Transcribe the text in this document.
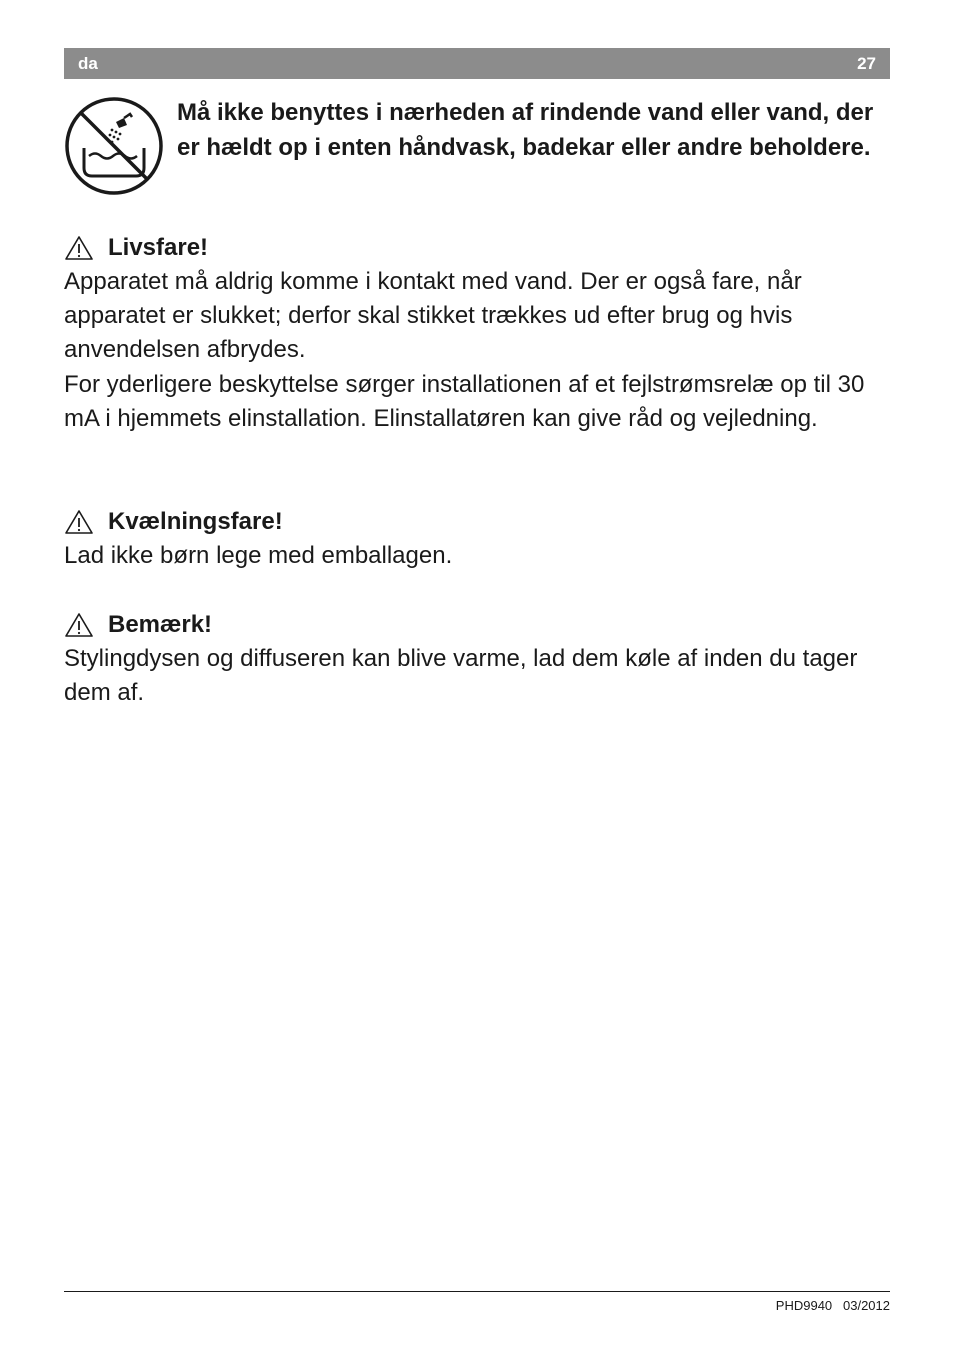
da	27
Må ikke benyttes i nærheden af rindende vand eller vand, der er hældt op i enten håndvask, badekar eller andre beholdere.
Livsfare!

Apparatet må aldrig komme i kontakt med vand. Der er også fare, når apparatet er slukket; derfor skal stikket trækkes ud efter brug og hvis anvendelsen afbrydes.

For yderligere beskyttelse sørger installationen af et fejlstrømsrelæ op til 30 mA i hjemmets elinstallation. Elinstallatøren kan give råd og vejledning.

Kvælningsfare!

Lad ikke børn lege med emballagen.

Bemærk!

Stylingdysen og diffuseren kan blive varme, lad dem køle af inden du tager dem af.

PHD9940 03/2012
